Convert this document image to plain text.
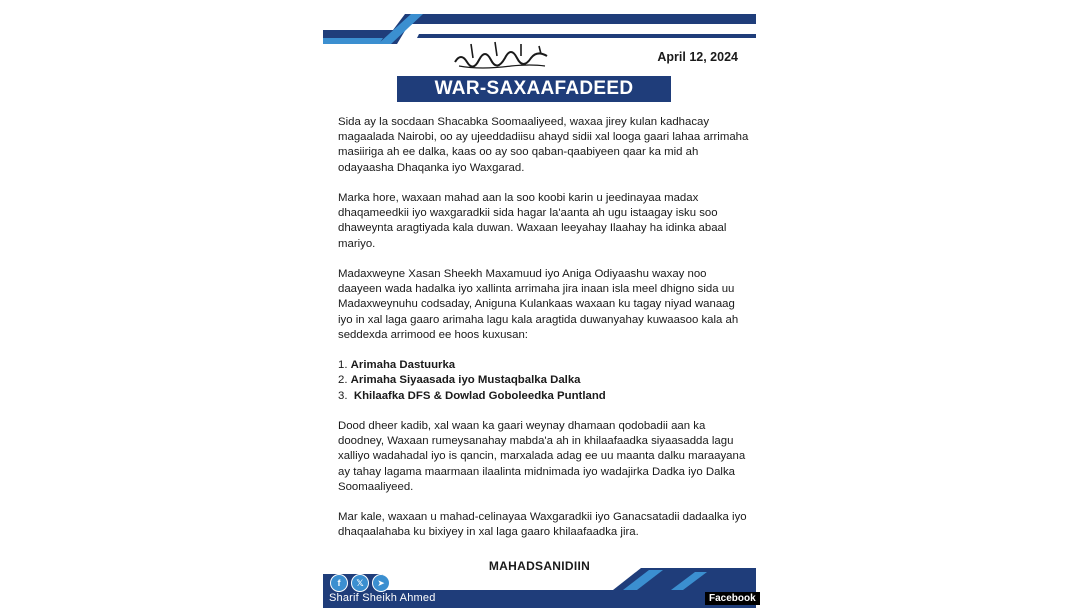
April 12, 2024
WAR-SAXAAFADEED

Sida ay la socdaan Shacabka Soomaaliyeed, waxaa jirey kulan kadhacay magaalada Nairobi, oo ay ujeeddadiisu ahayd sidii xal looga gaari lahaa arrimaha masiiriga ah ee dalka, kaas oo ay soo qaban-qaabiyeen qaar ka mid ah odayaasha Dhaqanka iyo Waxgarad.

Marka hore, waxaan mahad aan la soo koobi karin u jeedinayaa madax dhaqameedkii iyo waxgaradkii sida hagar la'aanta ah ugu istaagay isku soo dhaweynta aragtiyada kala duwan. Waxaan leeyahay Ilaahay ha idinka abaal mariyo.

Madaxweyne Xasan Sheekh Maxamuud iyo Aniga Odiyaashu waxay noo daayeen wada hadalka iyo xallinta arrimaha jira inaan isla meel dhigno sida uu Madaxweynuhu codsaday, Aniguna Kulankaas waxaan ku tagay niyad wanaag iyo in xal laga gaaro arimaha lagu kala aragtida duwanyahay kuwaasoo kala ah seddexda arrimood ee hoos kuxusan:

1. Arimaha Dastuurka
2. Arimaha Siyaasada iyo Mustaqbalka Dalka
3. Khilaafka DFS & Dowlad Goboleedka Puntland

Dood dheer kadib, xal waan ka gaari weynay dhamaan qodobadii aan ka doodney, Waxaan rumeysanahay mabda'a ah in khilaafaadka siyaasadda lagu xalliyo wadahadal iyo is qancin, marxalada adag ee uu maanta dalku maraayana ay tahay lagama maarmaan ilaalinta midnimada iyo wadajirka Dadka iyo Dalka Soomaaliyeed.

Mar kale, waxaan u mahad-celinayaa Waxgaradkii iyo Ganacsatadii dadaalka iyo dhaqaalahaba ku bixiyey in xal laga gaaro khilaafaadka jira.

MAHADSANIDIIN
f	𝕏	➤
Sharif Sheikh Ahmed	Facebook
